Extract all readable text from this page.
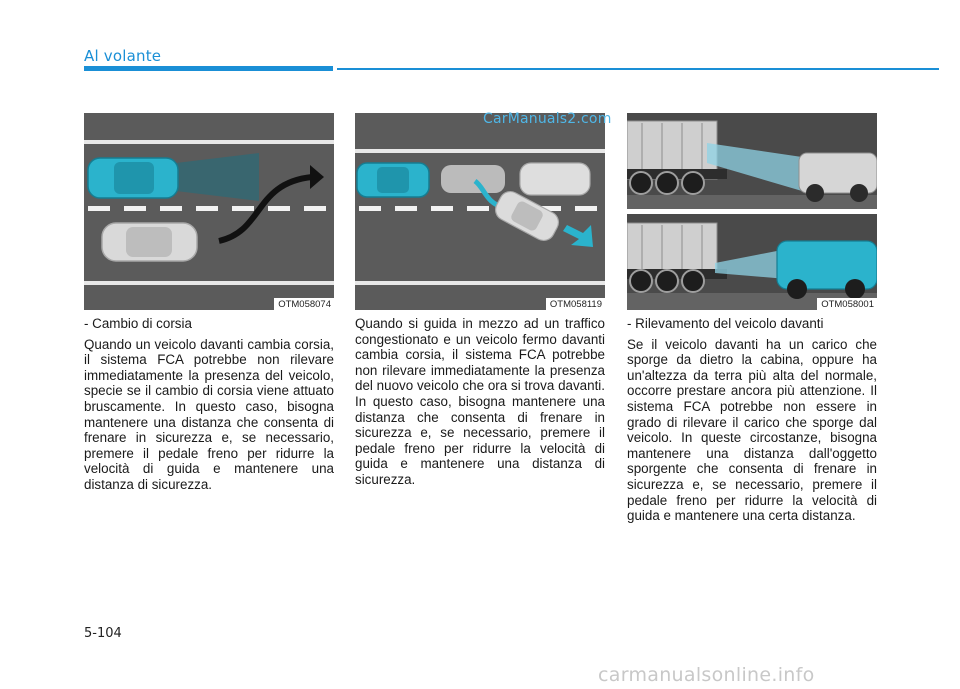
Al volante
OTM058074	OTM058119	OTM058001
CarManuals2.com

- Cambio di corsia

Quando un veicolo davanti cambia corsia, il sistema FCA potrebbe non rilevare immediatamente la presenza del veicolo, specie se il cambio di corsia viene attuato bruscamente. In questo caso, bisogna mantenere una distanza che consenta di frenare in sicurezza e, se necessario, premere il pedale freno per ridurre la velocità di guida e mantenere una distanza di sicurezza.

Quando si guida in mezzo ad un traffico congestionato e un veicolo fermo davanti cambia corsia, il sistema FCA potrebbe non rilevare immediatamente la presenza del nuovo veicolo che ora si trova davanti. In questo caso, bisogna mantenere una distanza che consenta di frenare in sicurezza e, se necessario, premere il pedale freno per ridurre la velocità di guida e mantenere una distanza di sicurezza.

- Rilevamento del veicolo davanti

Se il veicolo davanti ha un carico che sporge da dietro la cabina, oppure ha un'altezza da terra più alta del normale, occorre prestare ancora più attenzione. Il sistema FCA potrebbe non essere in grado di rilevare il carico che sporge dal veicolo. In queste circostanze, bisogna mantenere una distanza dall'oggetto sporgente che consenta di frenare in sicurezza e, se necessario, premere il pedale freno per ridurre la velocità di guida e mantenere una certa distanza.

5-104
carmanualsonline.info
